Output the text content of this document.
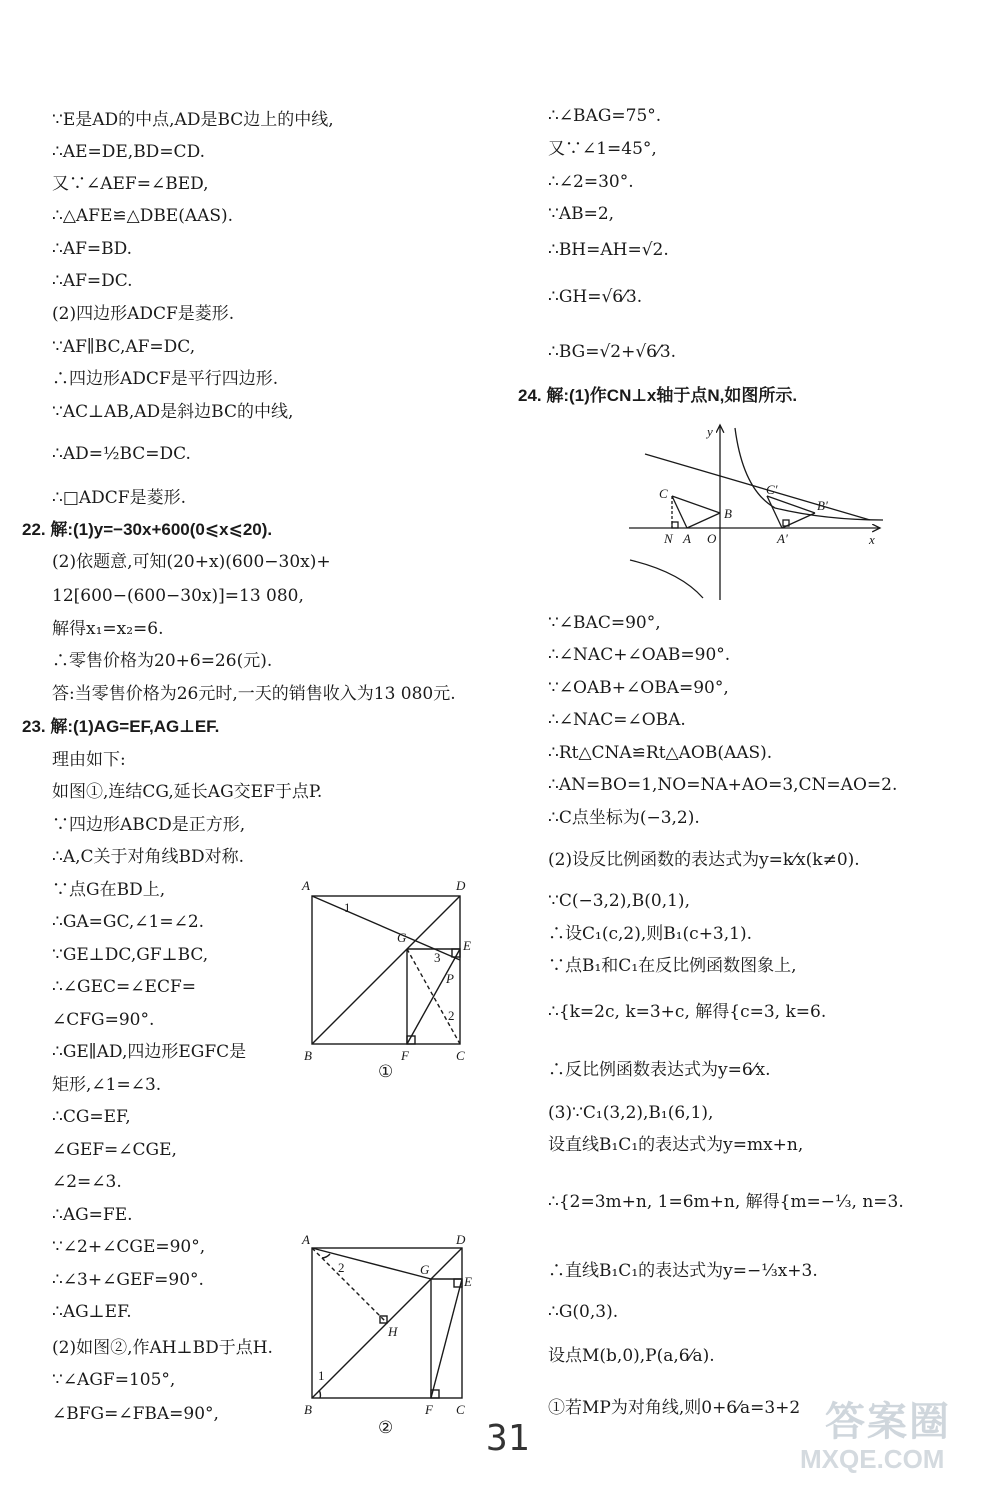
∵E是AD的中点,AD是BC边上的中线,
∴AE=DE,BD=CD.
又∵∠AEF=∠BED,
∴△AFE≌△DBE(AAS).
∴AF=BD.
∴AF=DC.
(2)四边形ADCF是菱形.
∵AF∥BC,AF=DC,
∴四边形ADCF是平行四边形.
∵AC⊥AB,AD是斜边BC的中线,
∴AD=½BC=DC.
∴□ADCF是菱形.
22. 解:(1)y=−30x+600(0⩽x⩽20).
(2)依题意,可知(20+x)(600−30x)+
12[600−(600−30x)]=13 080,
解得x₁=x₂=6.
∴零售价格为20+6=26(元).
答:当零售价格为26元时,一天的销售收入为13 080元.
23. 解:(1)AG=EF,AG⊥EF.
理由如下:
如图①,连结CG,延长AG交EF于点P.
∵四边形ABCD是正方形,
∴A,C关于对角线BD对称.
∵点G在BD上,
∴GA=GC,∠1=∠2.
∵GE⊥DC,GF⊥BC,
∴∠GEC=∠ECF=
∠CFG=90°.
∴GE∥AD,四边形EGFC是
矩形,∠1=∠3.
∴CG=EF,
∠GEF=∠CGE,
∠2=∠3.
∴AG=FE.
∵∠2+∠CGE=90°,
∴∠3+∠GEF=90°.
∴AG⊥EF.
(2)如图②,作AH⊥BD于点H.
∵∠AGF=105°,
∠BFG=∠FBA=90°,
A	D
B	C
G
E
F
P
1
2
3
①
A	D
B	C
G
E
F
H
1
2
②
∴∠BAG=75°.
又∵∠1=45°,
∴∠2=30°.
∵AB=2,
∴BH=AH=√2.
∴GH=√6⁄3.
∴BG=√2+√6⁄3.
24. 解:(1)作CN⊥x轴于点N,如图所示.
∵∠BAC=90°,
∴∠NAC+∠OAB=90°.
∵∠OAB+∠OBA=90°,
∴∠NAC=∠OBA.
∴Rt△CNA≌Rt△AOB(AAS).
∴AN=BO=1,NO=NA+AO=3,CN=AO=2.
∴C点坐标为(−3,2).
(2)设反比例函数的表达式为y=k⁄x(k≠0).
∵C(−3,2),B(0,1),
∴设C₁(c,2),则B₁(c+3,1).
∵点B₁和C₁在反比例函数图象上,
∴{k=2c, k=3+c, 解得{c=3, k=6.
∴反比例函数表达式为y=6⁄x.
(3)∵C₁(3,2),B₁(6,1),
设直线B₁C₁的表达式为y=mx+n,
∴{2=3m+n, 1=6m+n, 解得{m=−⅓, n=3.
∴直线B₁C₁的表达式为y=−⅓x+3.
∴G(0,3).
设点M(b,0),P(a,6⁄a).
①若MP为对角线,则0+6⁄a=3+2
y
x
O
C
B
C′
B′
N A	A′
31	答案圈
MXQE.COM
